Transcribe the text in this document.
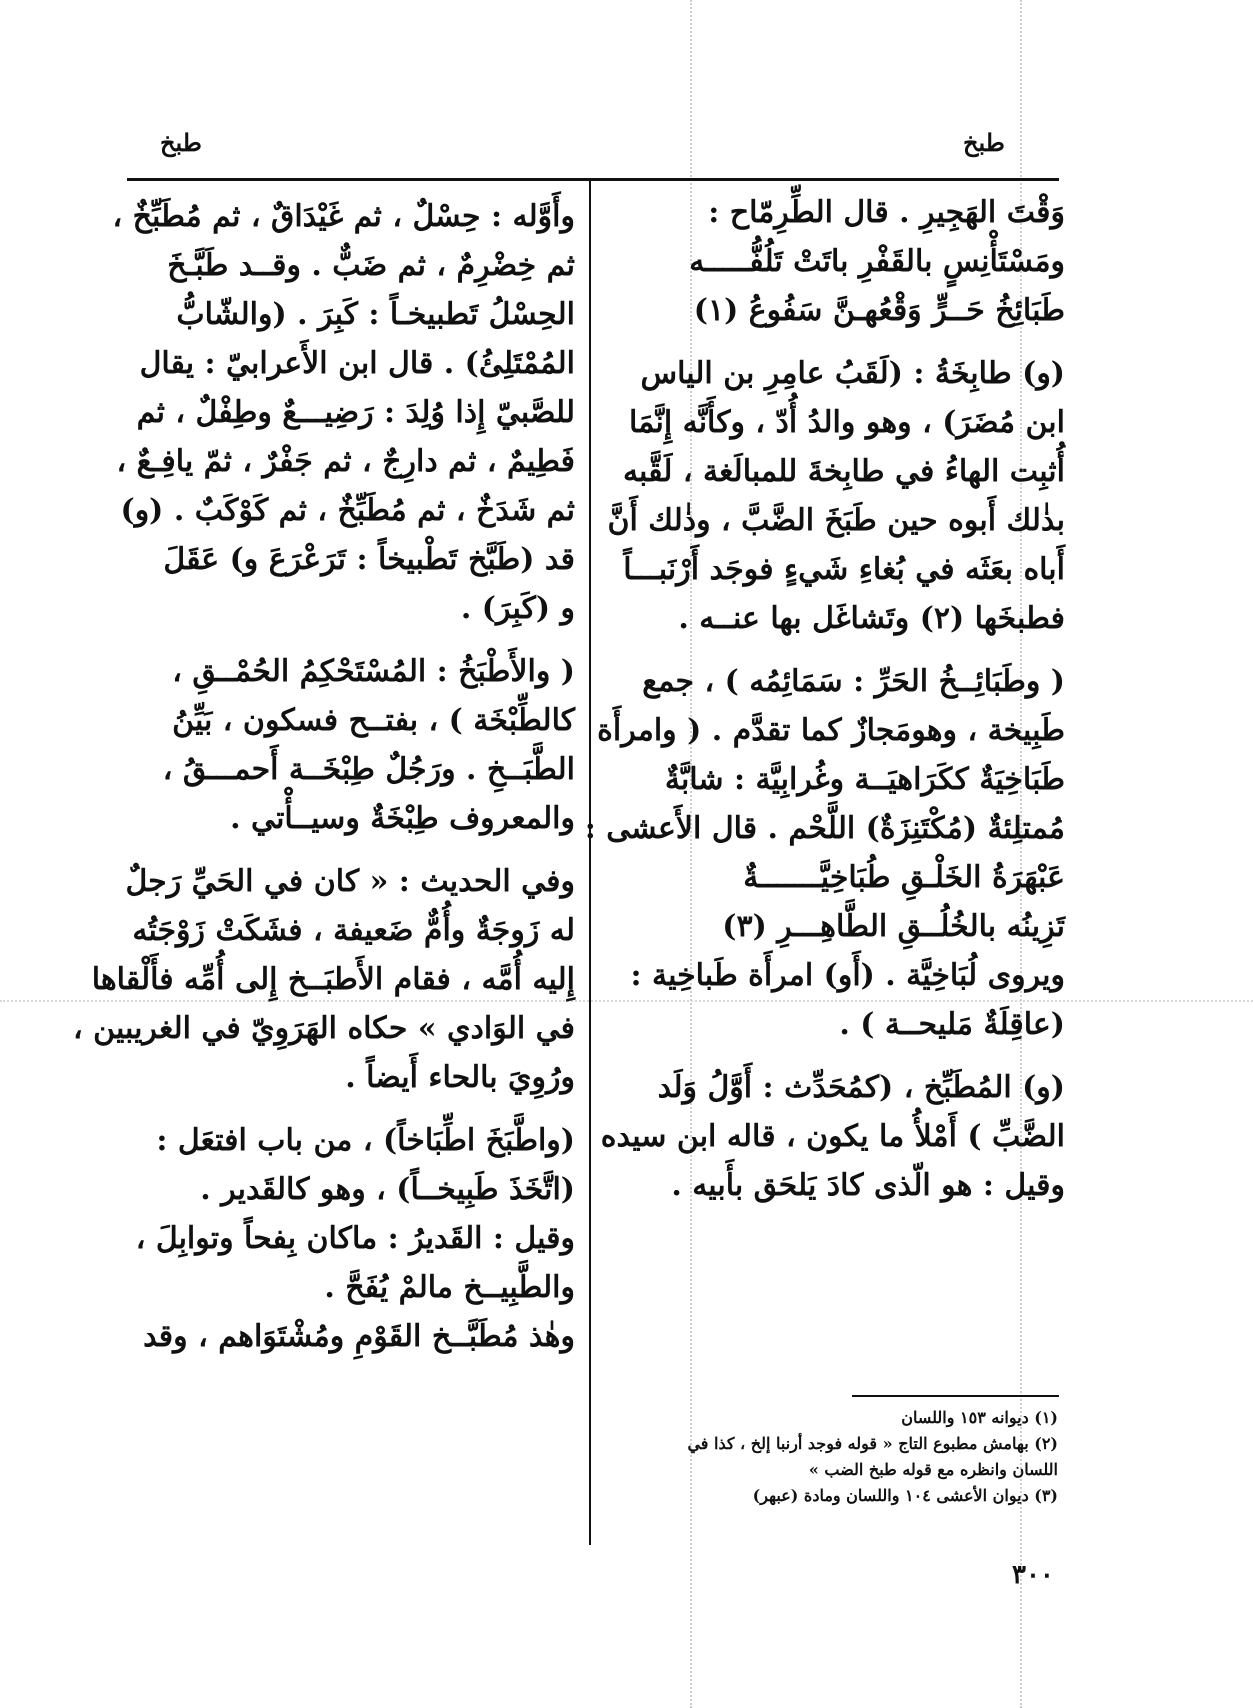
طبخ	طبخ
وَقْتَ الهَجِيرِ . قال الطِّرِمّاح :
ومَسْتَأْنِسٍ بالقَفْرِ باتَتْ تَلُفُّـــــه
طَبَائِخُ حَــرٍّ وَقْعُهـنَّ سَفُوعُ (١)
(و) طابِخَةُ : (لَقَبُ عامِرِ بن الياس
ابن مُضَرَ) ، وهو والدُ أُدّ ، وكأَنَّه إِنَّمَا
أُثبِت الهاءُ في طابِخةَ للمبالَغة ، لَقَّبه
بذٰلك أَبوه حين طَبَخَ الضَّبَّ ، وذٰلك أَنَّ
أَباه بعَثَه في بُغاءِ شَيءٍ فوجَد أَرْنَبـــاً
فطبخَها (٢) وتَشاغَل بها عنــه .
( وطَبَائِــخُ الحَرِّ : سَمَائِمُه ) ، جمع
طَبِيخة ، وهومَجازٌ كما تقدَّم . ( وامرأَة
طَبَاخِيَةٌ ككَرَاهيَــة وغُرابِيَّة : شابَّةٌ
مُمتلِئةٌ (مُكْتَنِزَةٌ) اللَّحْم . قال الأَعشى :
عَبْهَرَةُ الخَلْـقِ طُبَاخِيَّـــــــةٌ
تَزِينُه بالخُلُــقِ الطَّاهِـــرِ (٣)
ويروى لُبَاخِيَّة . (أَو) امرأَة طَباخِية :
(عاقِلَةٌ مَليحــة ) .
(و) المُطَبِّخ ، (كمُحَدِّث : أَوَّلُ وَلَد
الضَّبِّ ) أَمْلأُ ما يكون ، قاله ابن سيده
وقيل : هو الّذى كادَ يَلحَق بأَبيه .
وأَوَّله : حِسْلٌ ، ثم غَيْدَاقٌ ، ثم مُطَبِّخٌ ،
ثم خِضْرِمٌ ، ثم ضَبٌّ . وقــد طَبَّـخَ
الحِسْلُ تَطبيخـاً : كَبِرَ . (والشّابُّ
المُمْتَلِئُ) . قال ابن الأَعرابيّ : يقال
للصَّبيّ إِذا وُلِدَ : رَضِيـــعٌ وطِفْلٌ ، ثم
فَطِيمٌ ، ثم دارِجٌ ، ثم جَفْرٌ ، ثمّ يافِـعٌ ،
ثم شَدَخٌ ، ثم مُطَبِّخٌ ، ثم كَوْكَبٌ . (و)
قد (طَبَّخ تَطْبيخاً : تَرَعْرَعَ و) عَقَلَ
و (كَبِرَ) .
( والأَطْبَخُ : المُسْتَحْكِمُ الحُمْــقِ ،
كالطِّبْخَة ) ، بفتــح فسكون ، بَيِّنُ
الطَّبَــخِ . ورَجُلٌ طِبْخَــة أَحمـــقُ ،
والمعروف طِبْخَةٌ وسيــأْتي .
وفي الحديث : « كان في الحَيِّ رَجلٌ
له زَوجَةٌ وأُمٌّ ضَعيفة ، فشَكَتْ زَوْجَتُه
إِليه أُمَّه ، فقام الأَطبَــخ إِلى أُمِّه فأَلْقاها
في الوَادي » حكاه الهَرَوِيّ في الغريبين ،
ورُوِيَ بالحاء أَيضاً .
(واطَّبَخَ اطِّبَاخاً) ، من باب افتعَل :
(اتَّخَذَ طَبِيخــاً) ، وهو كالقَدير .
وقيل : القَديرُ : ماكان بِفحاً وتوابِلَ ،
والطَّبِيــخ مالمْ يُفَحَّ .
وهٰذ مُطَبَّــخ القَوْمِ ومُشْتَوَاهم ، وقد
(١) ديوانه ١٥٣ واللسان
(٢) بهامش مطبوع التاج « قوله فوجد أرنبا إلخ ، كذا في
اللسان وانظره مع قوله طبخ الضب »
(٣) ديوان الأعشى ١٠٤ واللسان ومادة (عبهر)
٣٠٠
